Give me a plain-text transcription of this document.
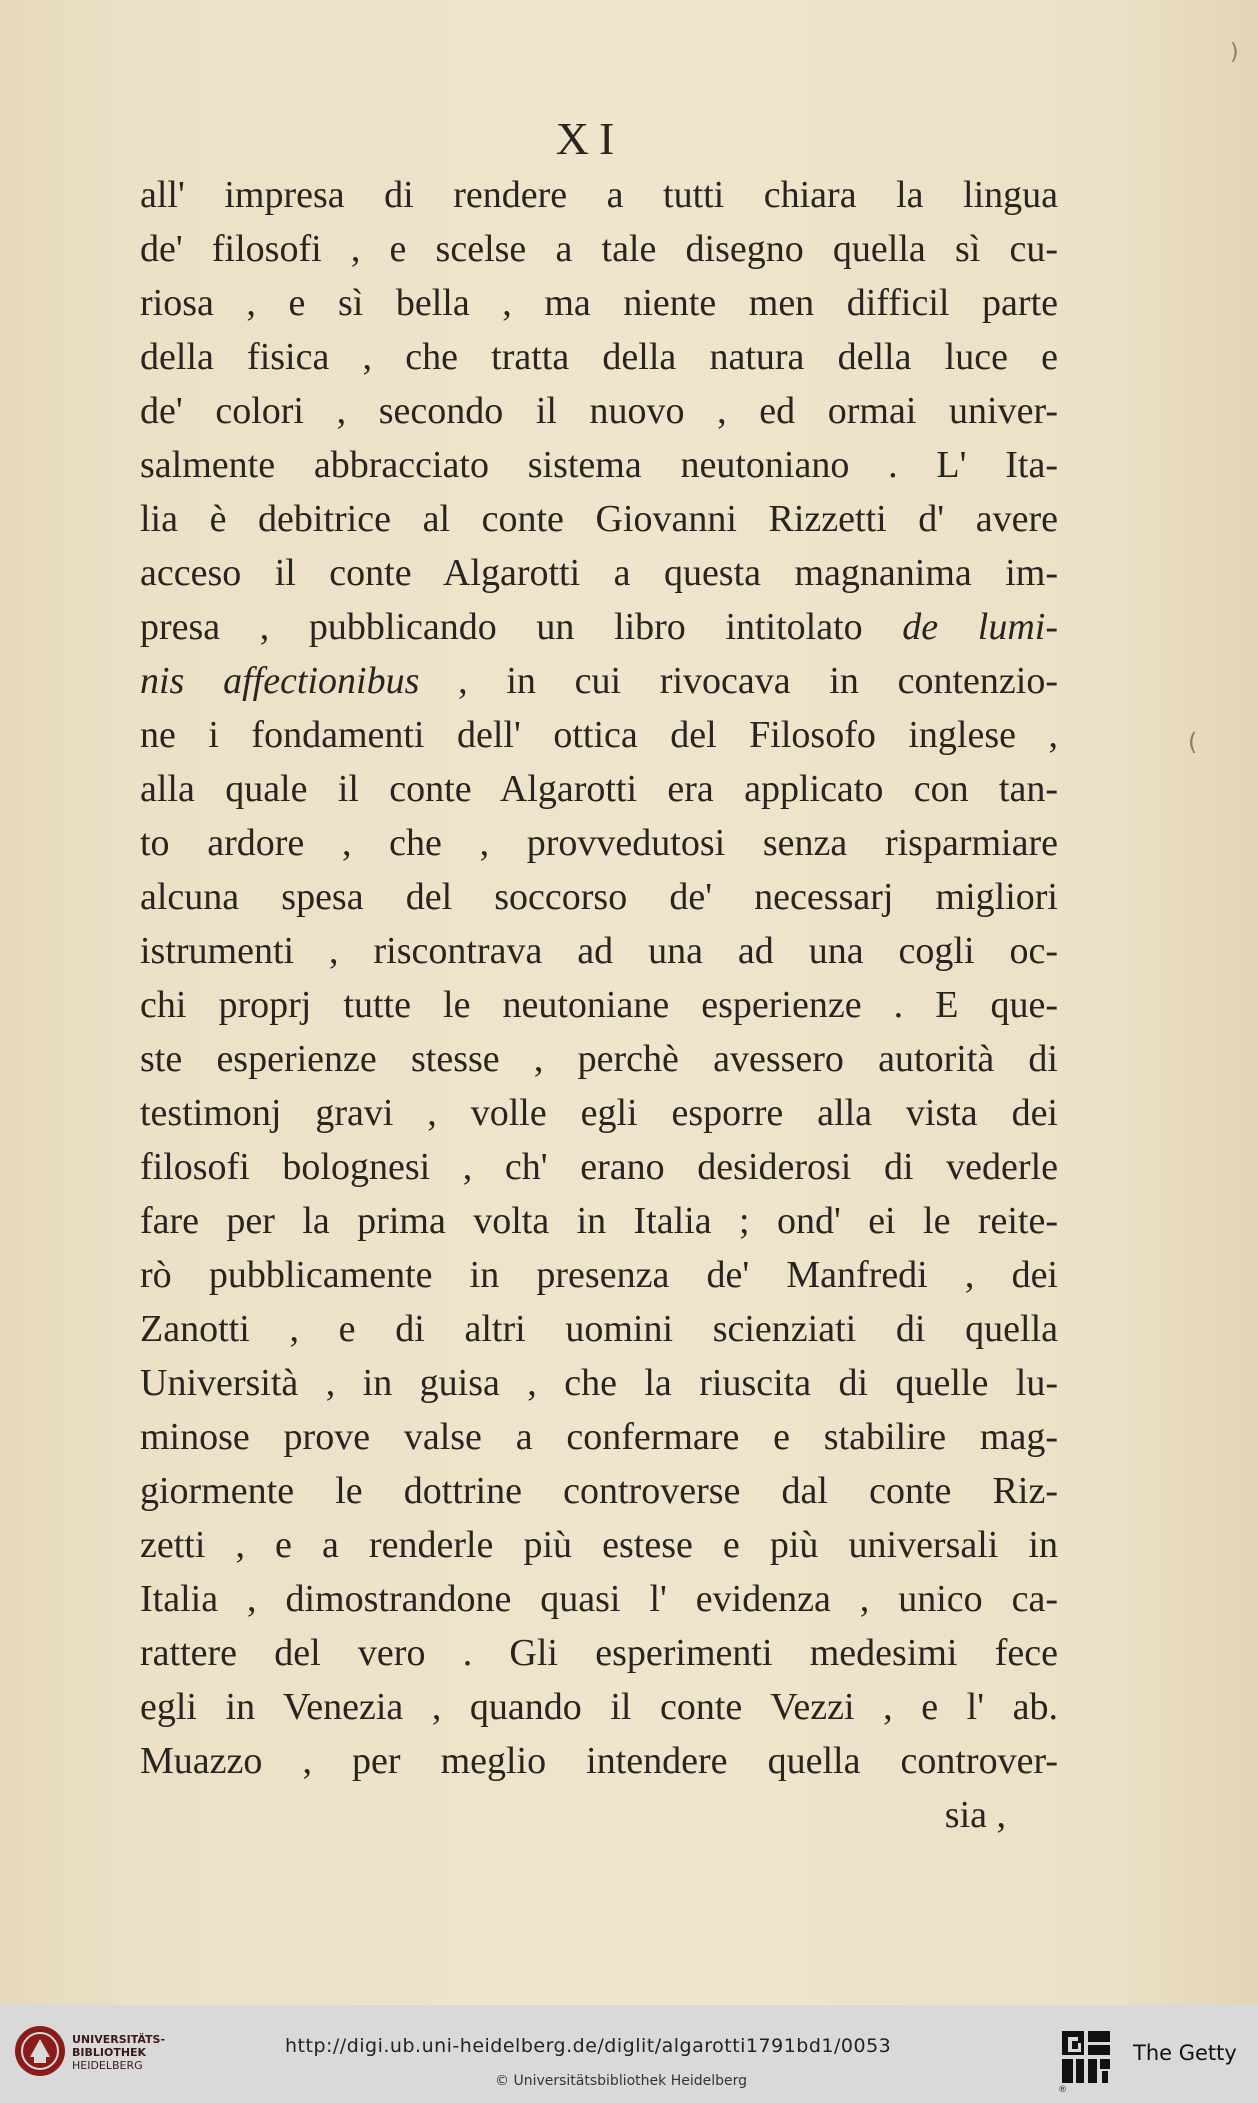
XI
all' impresa di rendere a tutti chiara la lingua
de' filosofi , e scelse a tale disegno quella sì cu-
riosa , e sì bella , ma niente men difficil parte
della fisica , che tratta della natura della luce e
de' colori , secondo il nuovo , ed ormai univer-
salmente abbracciato sistema neutoniano . L' Ita-
lia è debitrice al conte Giovanni Rizzetti d' avere
acceso il conte Algarotti a questa magnanima im-
presa , pubblicando un libro intitolato de lumi-
nis affectionibus , in cui rivocava in contenzio-
ne i fondamenti dell' ottica del Filosofo inglese ,
alla quale il conte Algarotti era applicato con tan-
to ardore , che , provvedutosi senza risparmiare
alcuna spesa del soccorso de' necessarj migliori
istrumenti , riscontrava ad una ad una cogli oc-
chi proprj tutte le neutoniane esperienze . E que-
ste esperienze stesse , perchè avessero autorità di
testimonj gravi , volle egli esporre alla vista dei
filosofi bolognesi , ch' erano desiderosi di vederle
fare per la prima volta in Italia ; ond' ei le reite-
rò pubblicamente in presenza de' Manfredi , dei
Zanotti , e di altri uomini scienziati di quella
Università , in guisa , che la riuscita di quelle lu-
minose prove valse a confermare e stabilire mag-
giormente le dottrine controverse dal conte Riz-
zetti , e a renderle più estese e più universali in
Italia , dimostrandone quasi l' evidenza , unico ca-
rattere del vero . Gli esperimenti medesimi fece
egli in Venezia , quando il conte Vezzi , e l' ab.
Muazzo , per meglio intendere quella controver-
sia ,
)
(
UNIVERSITÄTS-
BIBLIOTHEK
HEIDELBERG
http://digi.ub.uni-heidelberg.de/diglit/algarotti1791bd1/0053
© Universitätsbibliothek Heidelberg
®
The Getty
